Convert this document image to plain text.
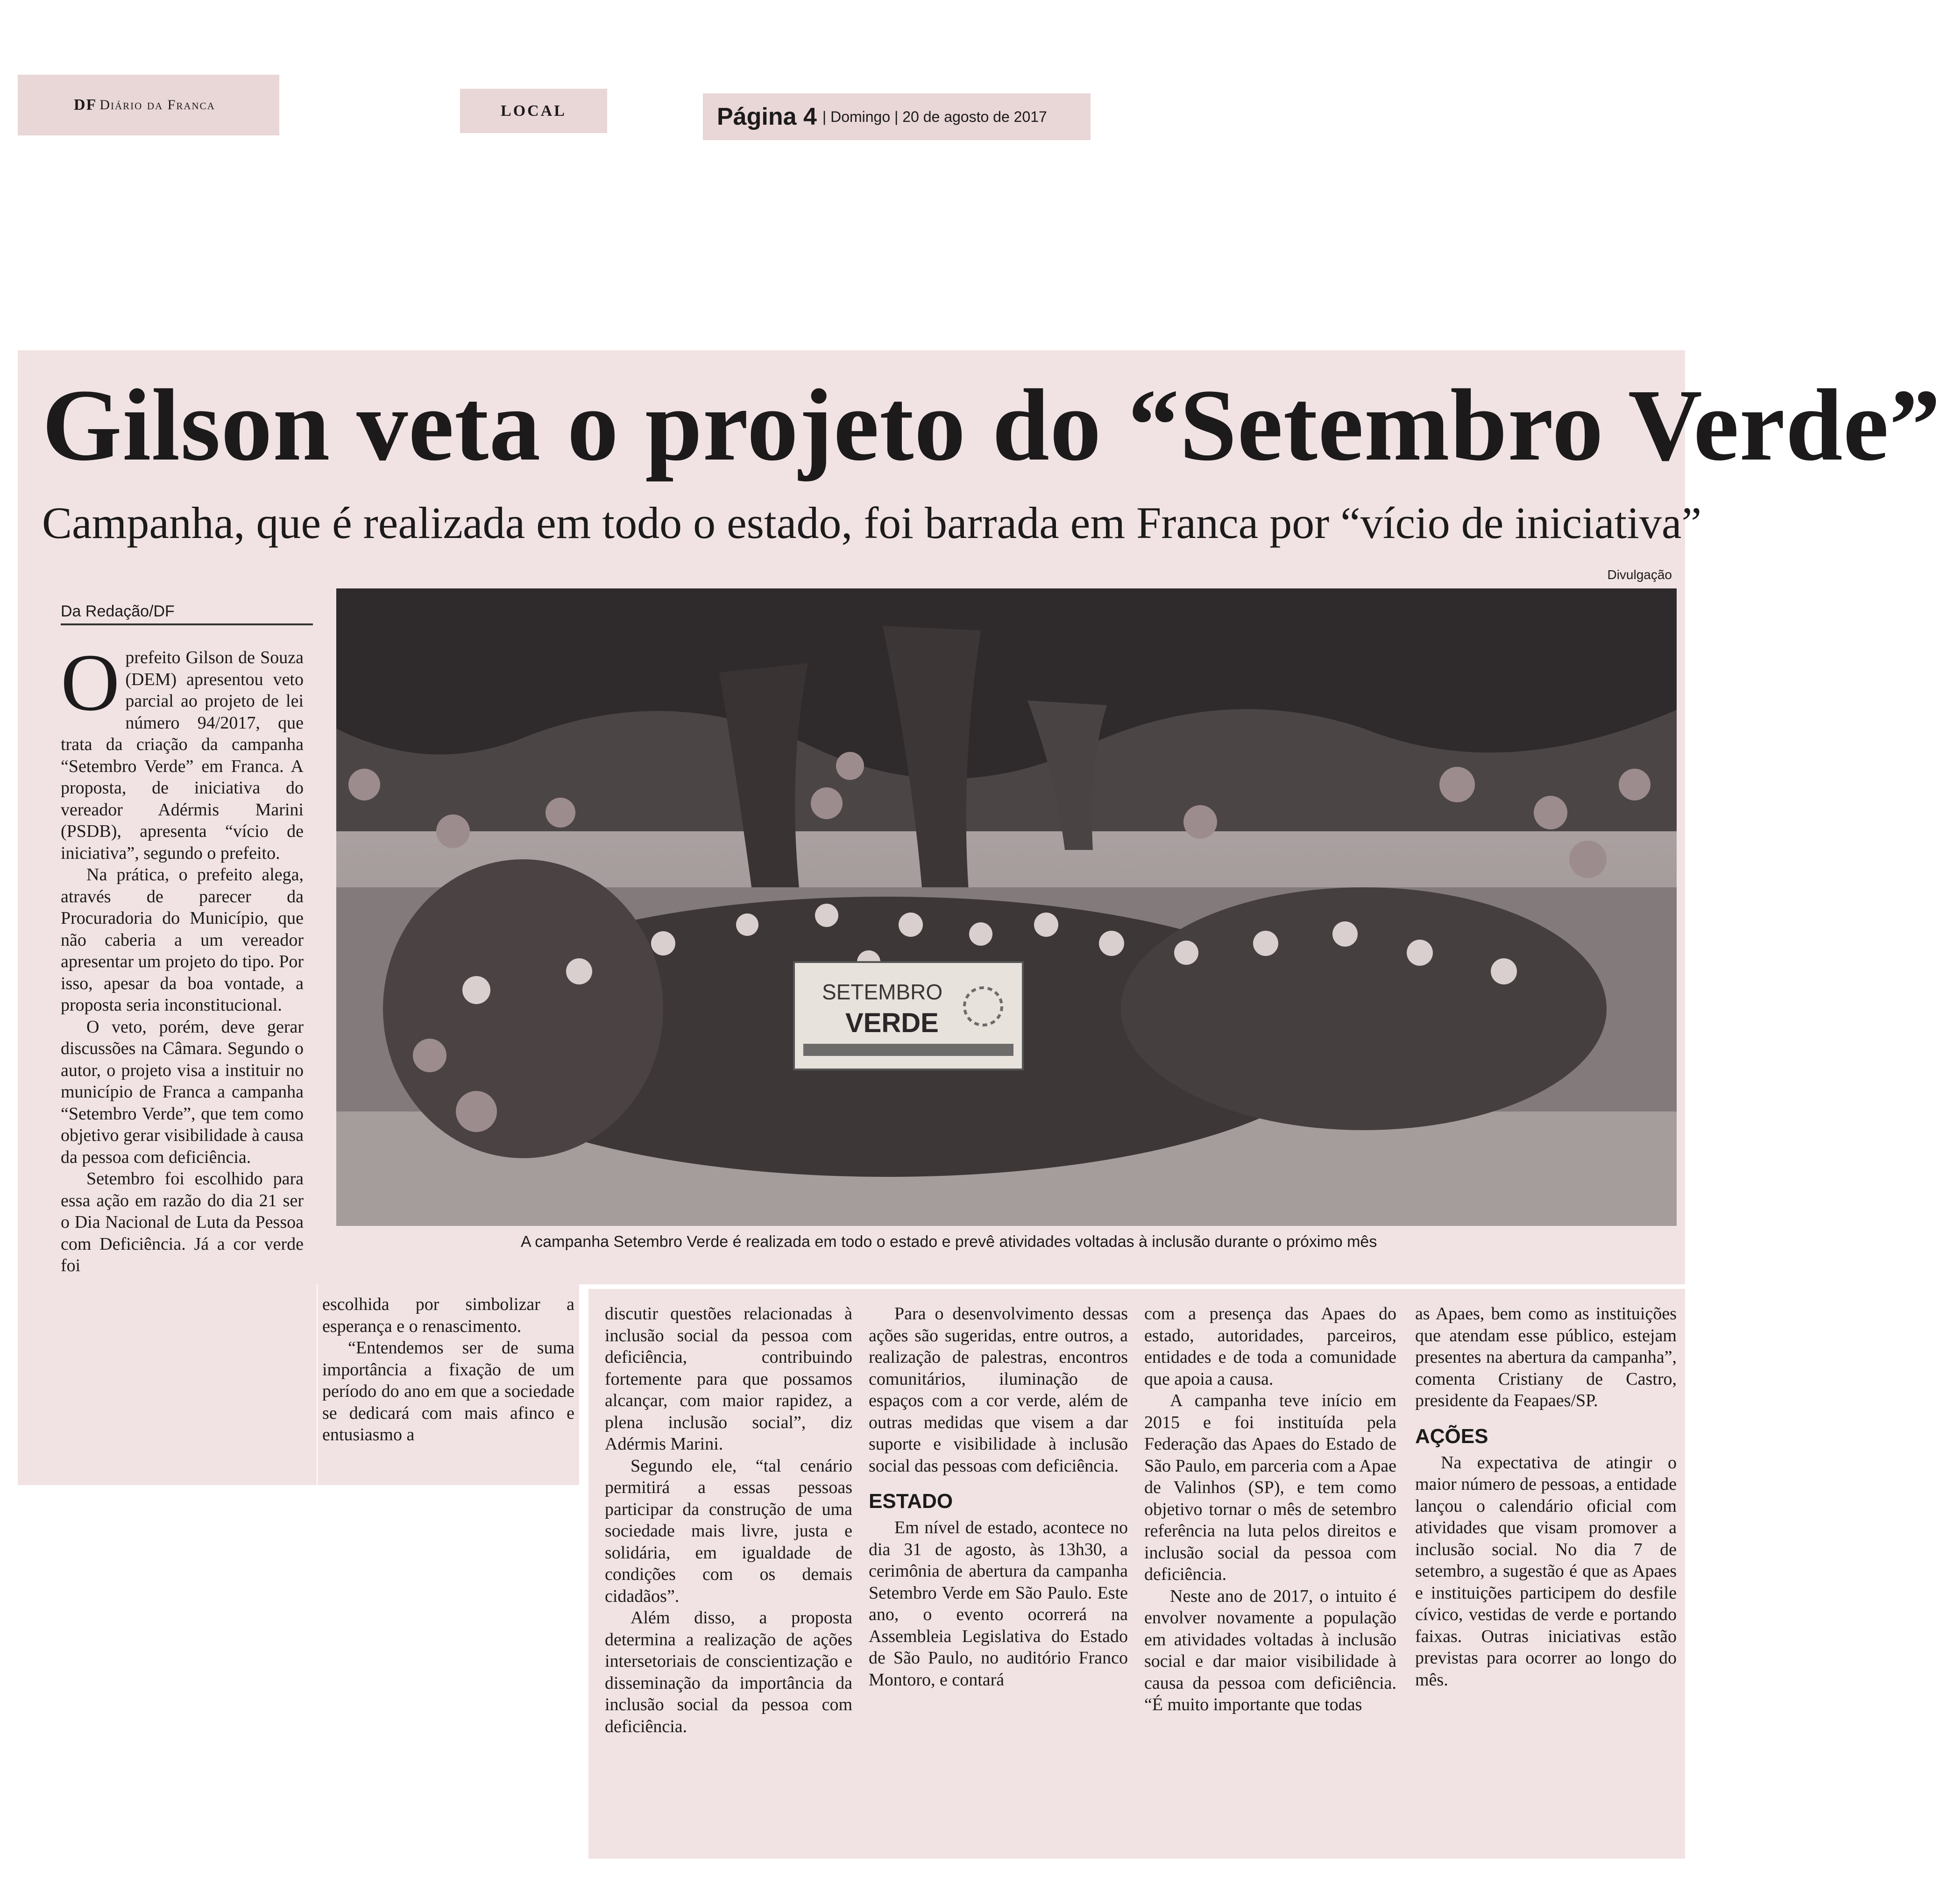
DF Diário da Franca	LOCAL	Página 4 | Domingo | 20 de agosto de 2017
Gilson veta o projeto do “Setembro Verde”
Campanha, que é realizada em todo o estado, foi barrada em Franca por “vício de iniciativa”
Divulgação
Da Redação/DF
SETEMBRO
VERDE
A campanha Setembro Verde é realizada em todo o estado e prevê atividades voltadas à inclusão durante o próximo mês

Oprefeito Gilson de Souza (DEM) apresentou veto parcial ao projeto de lei número 94/2017, que trata da criação da campanha “Setembro Verde” em Franca. A proposta, de iniciativa do vereador Adérmis Marini (PSDB), apresenta “vício de iniciativa”, segundo o prefeito.

Na prática, o prefeito alega, através de parecer da Procuradoria do Município, que não caberia a um vereador apresentar um projeto do tipo. Por isso, apesar da boa vontade, a proposta seria inconstitucional.

O veto, porém, deve gerar discussões na Câmara. Segundo o autor, o projeto visa a instituir no município de Franca a campanha “Setembro Verde”, que tem como objetivo gerar visibilidade à causa da pessoa com deficiência.

Setembro foi escolhido para essa ação em razão do dia 21 ser o Dia Nacional de Luta da Pessoa com Deficiência. Já a cor verde foi

escolhida por simbolizar a esperança e o renascimento.

“Entendemos ser de suma importância a fixação de um período do ano em que a sociedade se dedicará com mais afinco e entusiasmo a

discutir questões relacionadas à inclusão social da pessoa com deficiência, contribuindo fortemente para que possamos alcançar, com maior rapidez, a plena inclusão social”, diz Adérmis Marini.

Segundo ele, “tal cenário permitirá a essas pessoas participar da construção de uma sociedade mais livre, justa e solidária, em igualdade de condições com os demais cidadãos”.

Além disso, a proposta determina a realização de ações intersetoriais de conscientização e disseminação da importância da inclusão social da pessoa com deficiência.

Para o desenvolvimento dessas ações são sugeridas, entre outros, a realização de palestras, encontros comunitários, iluminação de espaços com a cor verde, além de outras medidas que visem a dar suporte e visibilidade à inclusão social das pessoas com deficiência.

ESTADO

Em nível de estado, acontece no dia 31 de agosto, às 13h30, a cerimônia de abertura da campanha Setembro Verde em São Paulo. Este ano, o evento ocorrerá na Assembleia Legislativa do Estado de São Paulo, no auditório Franco Montoro, e contará

com a presença das Apaes do estado, autoridades, parceiros, entidades e de toda a comunidade que apoia a causa.

A campanha teve início em 2015 e foi instituída pela Federação das Apaes do Estado de São Paulo, em parceria com a Apae de Valinhos (SP), e tem como objetivo tornar o mês de setembro referência na luta pelos direitos e inclusão social da pessoa com deficiência.

Neste ano de 2017, o intuito é envolver novamente a população em atividades voltadas à inclusão social e dar maior visibilidade à causa da pessoa com deficiência. “É muito importante que todas

as Apaes, bem como as instituições que atendam esse público, estejam presentes na abertura da campanha”, comenta Cristiany de Castro, presidente da Feapaes/SP.

AÇÕES

Na expectativa de atingir o maior número de pessoas, a entidade lançou o calendário oficial com atividades que visam promover a inclusão social. No dia 7 de setembro, a sugestão é que as Apaes e instituições participem do desfile cívico, vestidas de verde e portando faixas. Outras iniciativas estão previstas para ocorrer ao longo do mês.
